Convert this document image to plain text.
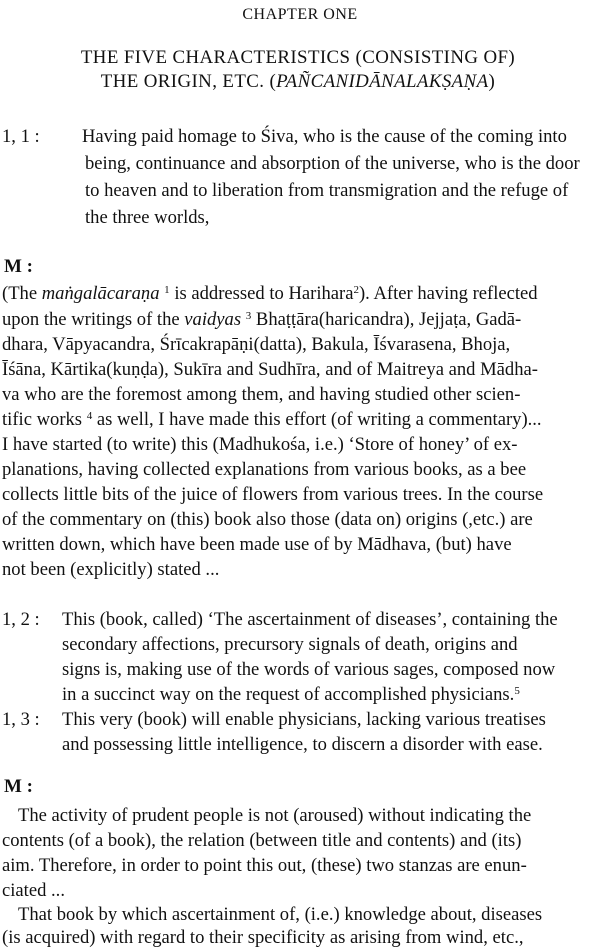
CHAPTER ONE
THE FIVE CHARACTERISTICS (CONSISTING OF)
THE ORIGIN, ETC. (PAÑCANIDĀNALAKṢAṆA)
1, 1 : Having paid homage to Śiva, who is the cause of the coming into
being, continuance and absorption of the universe, who is the door
to heaven and to liberation from transmigration and the refuge of
the three worlds,
M :
(The maṅgalācaraṇa $^1$ is addressed to Harihara$^2$). After having reflected
upon the writings of the vaidyas $^3$ Bhaṭṭāra(haricandra), Jejjaṭa, Gadā-
dhara, Vāpyacandra, Śrīcakrapāṇi(datta), Bakula, Īśvarasena, Bhoja,
Īśāna, Kārtika(kuṇḍa), Sukīra and Sudhīra, and of Maitreya and Mādha-
va who are the foremost among them, and having studied other scien-
tific works $^4$ as well, I have made this effort (of writing a commentary)...
I have started (to write) this (Madhukośa, i.e.) ‘Store of honey’ of ex-
planations, having collected explanations from various books, as a bee
collects little bits of the juice of flowers from various trees. In the course
of the commentary on (this) book also those (data on) origins (,etc.) are
written down, which have been made use of by Mādhava, (but) have
not been (explicitly) stated ...
1, 2 : This (book, called) ‘The ascertainment of diseases’, containing the
secondary affections, precursory signals of death, origins and
signs is, making use of the words of various sages, composed now
in a succinct way on the request of accomplished physicians.$^5$
1, 3 : This very (book) will enable physicians, lacking various treatises
and possessing little intelligence, to discern a disorder with ease.
M :
The activity of prudent people is not (aroused) without indicating the
contents (of a book), the relation (between title and contents) and (its)
aim. Therefore, in order to point this out, (these) two stanzas are enun-
ciated ...
That book by which ascertainment of, (i.e.) knowledge about, diseases
(is acquired) with regard to their specificity as arising from wind, etc.,
